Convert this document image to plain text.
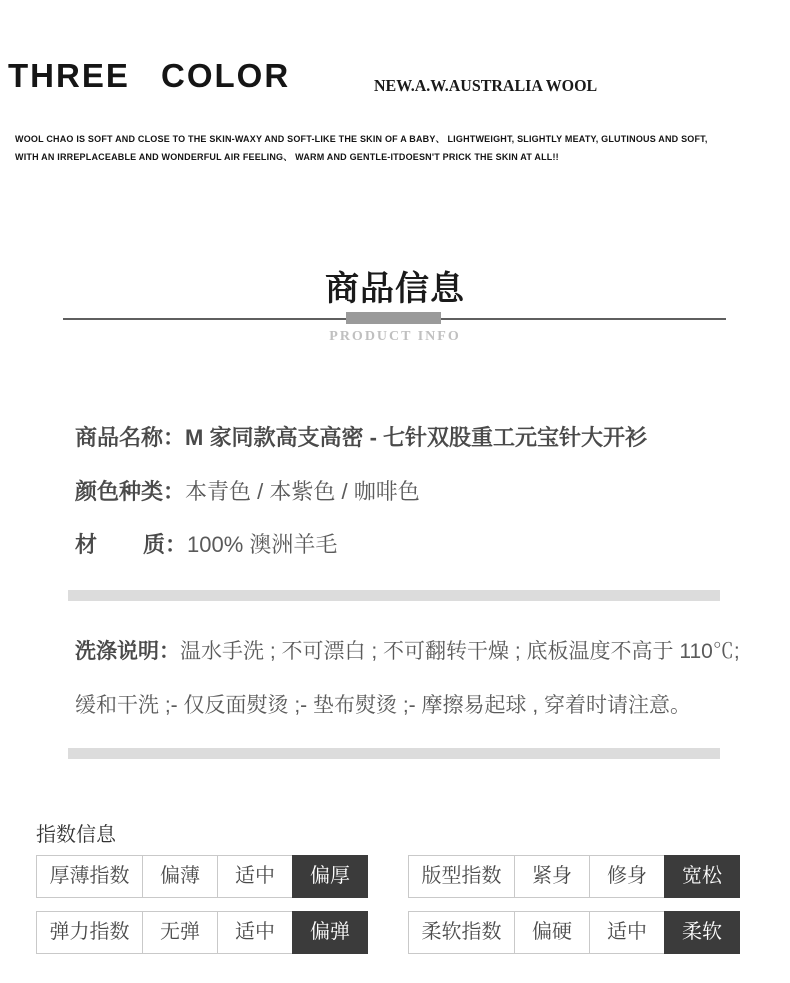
THREE COLOR	NEW.A.W.AUSTRALIA WOOL
WOOL CHAO IS SOFT AND CLOSE TO THE SKIN-WAXY AND SOFT-LIKE THE SKIN OF A BABY、 LIGHTWEIGHT, SLIGHTLY MEATY, GLUTINOUS AND SOFT,
WITH AN IRREPLACEABLE AND WONDERFUL AIR FEELING、 WARM AND GENTLE-ITDOESN'T PRICK THE SKIN AT ALL!!
商品信息
PRODUCT INFO
商品名称：M 家同款高支高密 - 七针双股重工元宝针大开衫
颜色种类：本青色 / 本紫色 / 咖啡色
材 质：100% 澳洲羊毛
洗涤说明：温水手洗 ; 不可漂白 ; 不可翻转干燥 ; 底板温度不高于 110℃;
缓和干洗 ;- 仅反面熨烫 ;- 垫布熨烫 ;- 摩擦易起球 , 穿着时请注意。
指数信息
厚薄指数	偏薄	适中	偏厚
弹力指数	无弹	适中	偏弹
版型指数	紧身	修身	宽松
柔软指数	偏硬	适中	柔软
